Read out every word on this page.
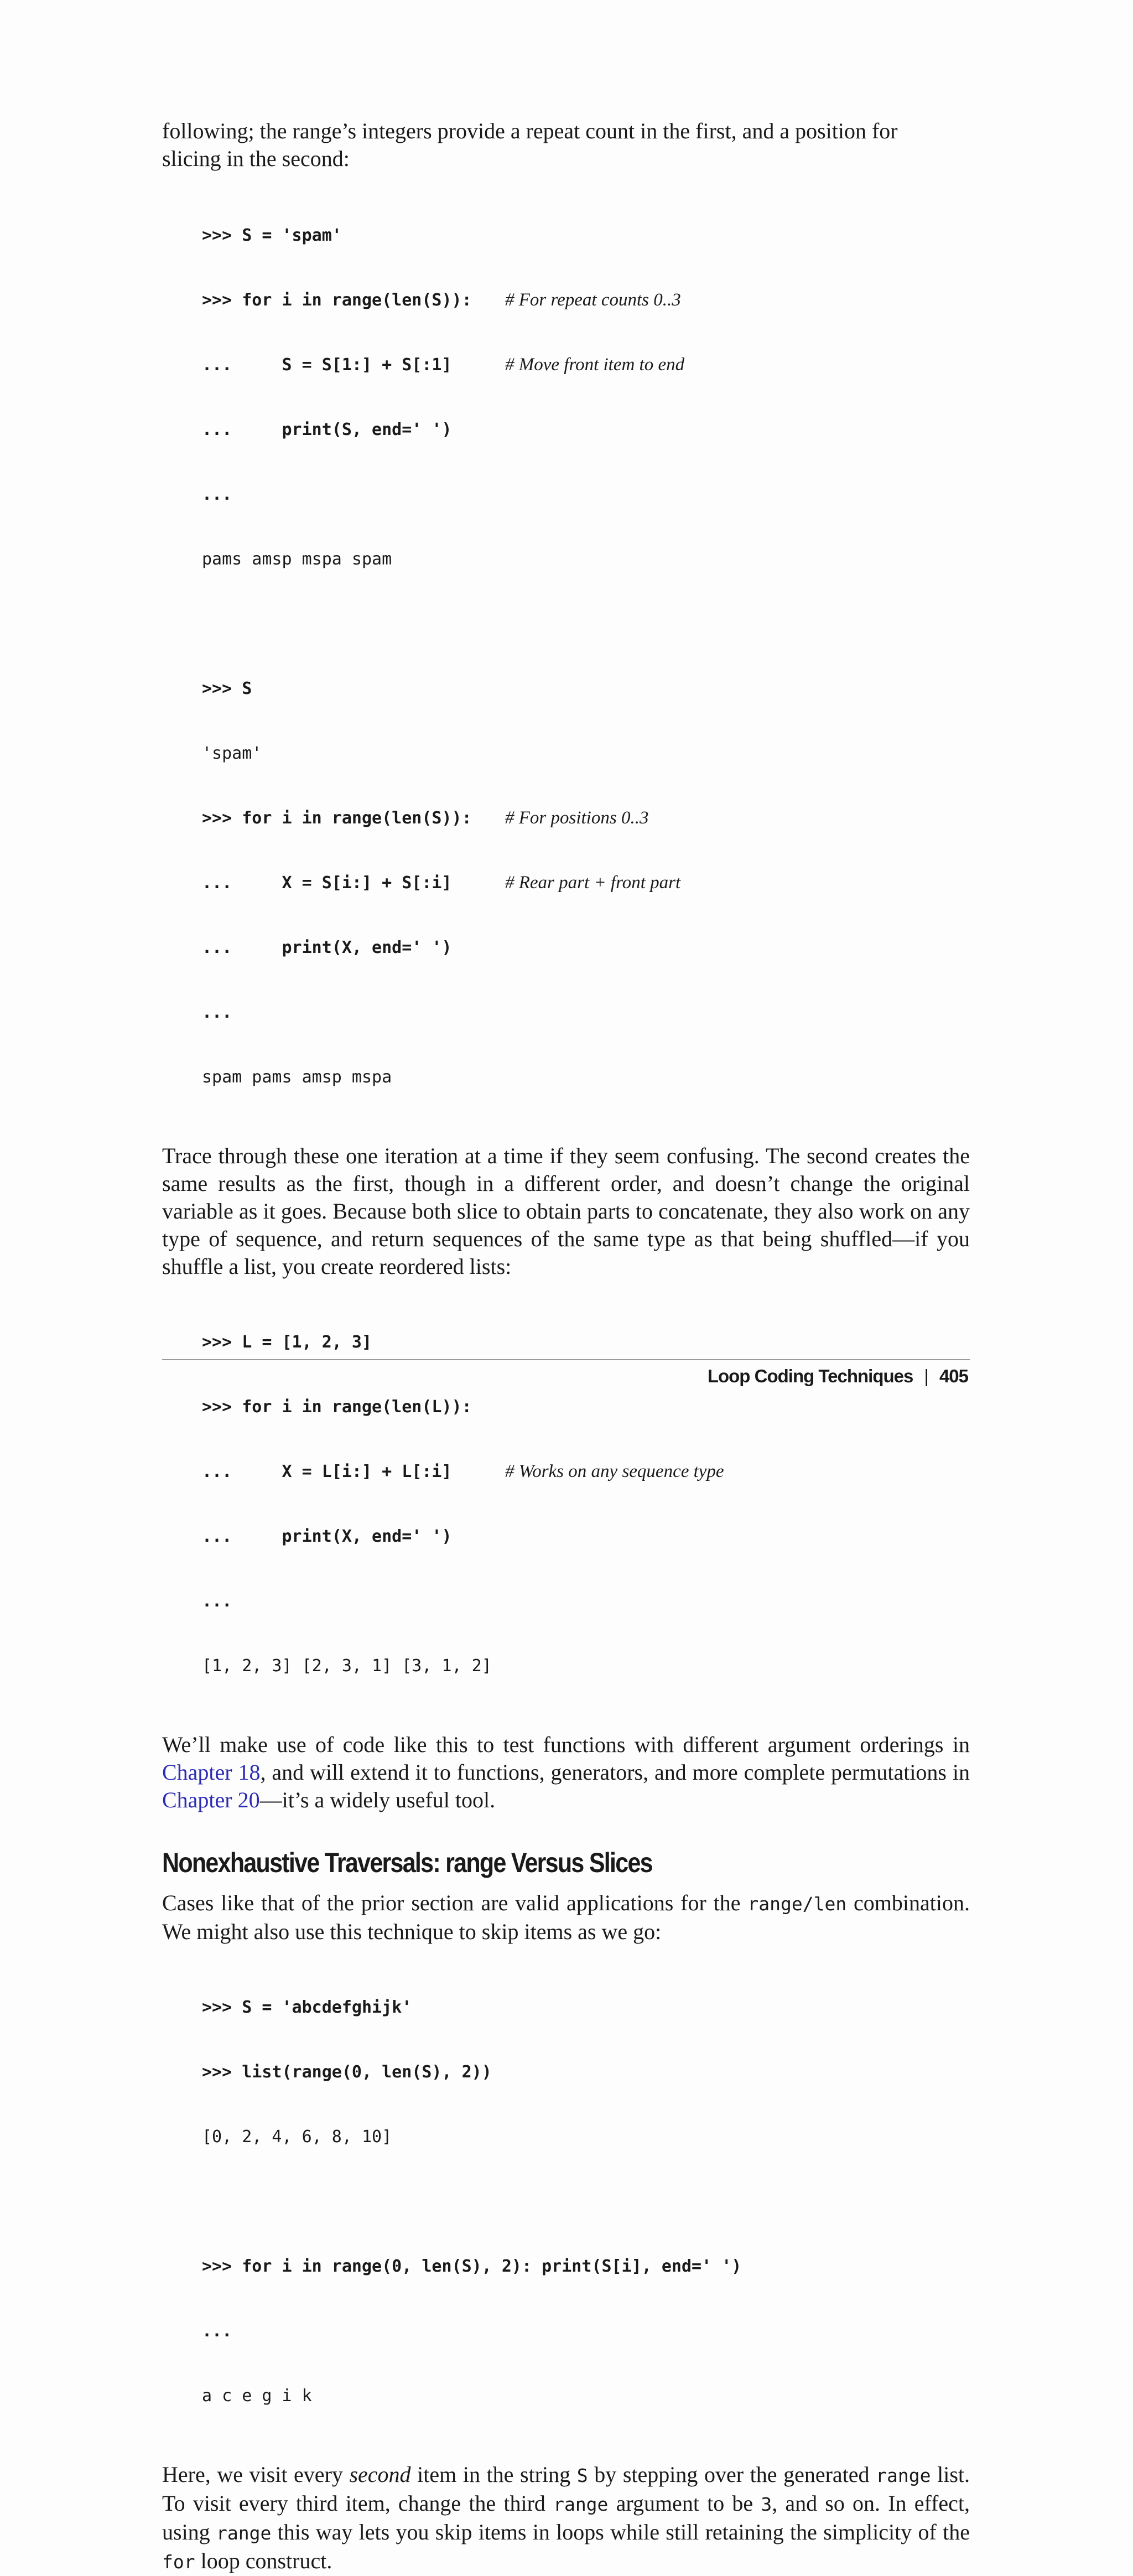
following; the range’s integers provide a repeat count in the first, and a position for
slicing in the second:

>>> S = 'spam'

>>> for i in range(len(S)): # For repeat counts 0..3

...     S = S[1:] + S[:1]	# Move front item to end

...     print(S, end=' ')

...

pams amsp mspa spam

>>> S

'spam'

>>> for i in range(len(S)): # For positions 0..3

...     X = S[i:] + S[:i]	# Rear part + front part

...     print(X, end=' ')

...

spam pams amsp mspa

Trace through these one iteration at a time if they seem confusing. The second creates the same results as the first, though in a different order, and doesn’t change the original variable as it goes. Because both slice to obtain parts to concatenate, they also work on any type of sequence, and return sequences of the same type as that being shuffled—if you shuffle a list, you create reordered lists:

>>> L = [1, 2, 3]

>>> for i in range(len(L)):

...     X = L[i:] + L[:i]	# Works on any sequence type

...     print(X, end=' ')

...

[1, 2, 3] [2, 3, 1] [3, 1, 2]

We’ll make use of code like this to test functions with different argument orderings in Chapter 18, and will extend it to functions, generators, and more complete permutations in Chapter 20—it’s a widely useful tool.

Nonexhaustive Traversals: range Versus Slices

Cases like that of the prior section are valid applications for the range/len combination. We might also use this technique to skip items as we go:

>>> S = 'abcdefghijk'

>>> list(range(0, len(S), 2))

[0, 2, 4, 6, 8, 10]

>>> for i in range(0, len(S), 2): print(S[i], end=' ')

...

a c e g i k

Here, we visit every second item in the string S by stepping over the generated range list. To visit every third item, change the third range argument to be 3, and so on. In effect, using range this way lets you skip items in loops while still retaining the simplicity of the for loop construct.

Loop Coding Techniques | 405
